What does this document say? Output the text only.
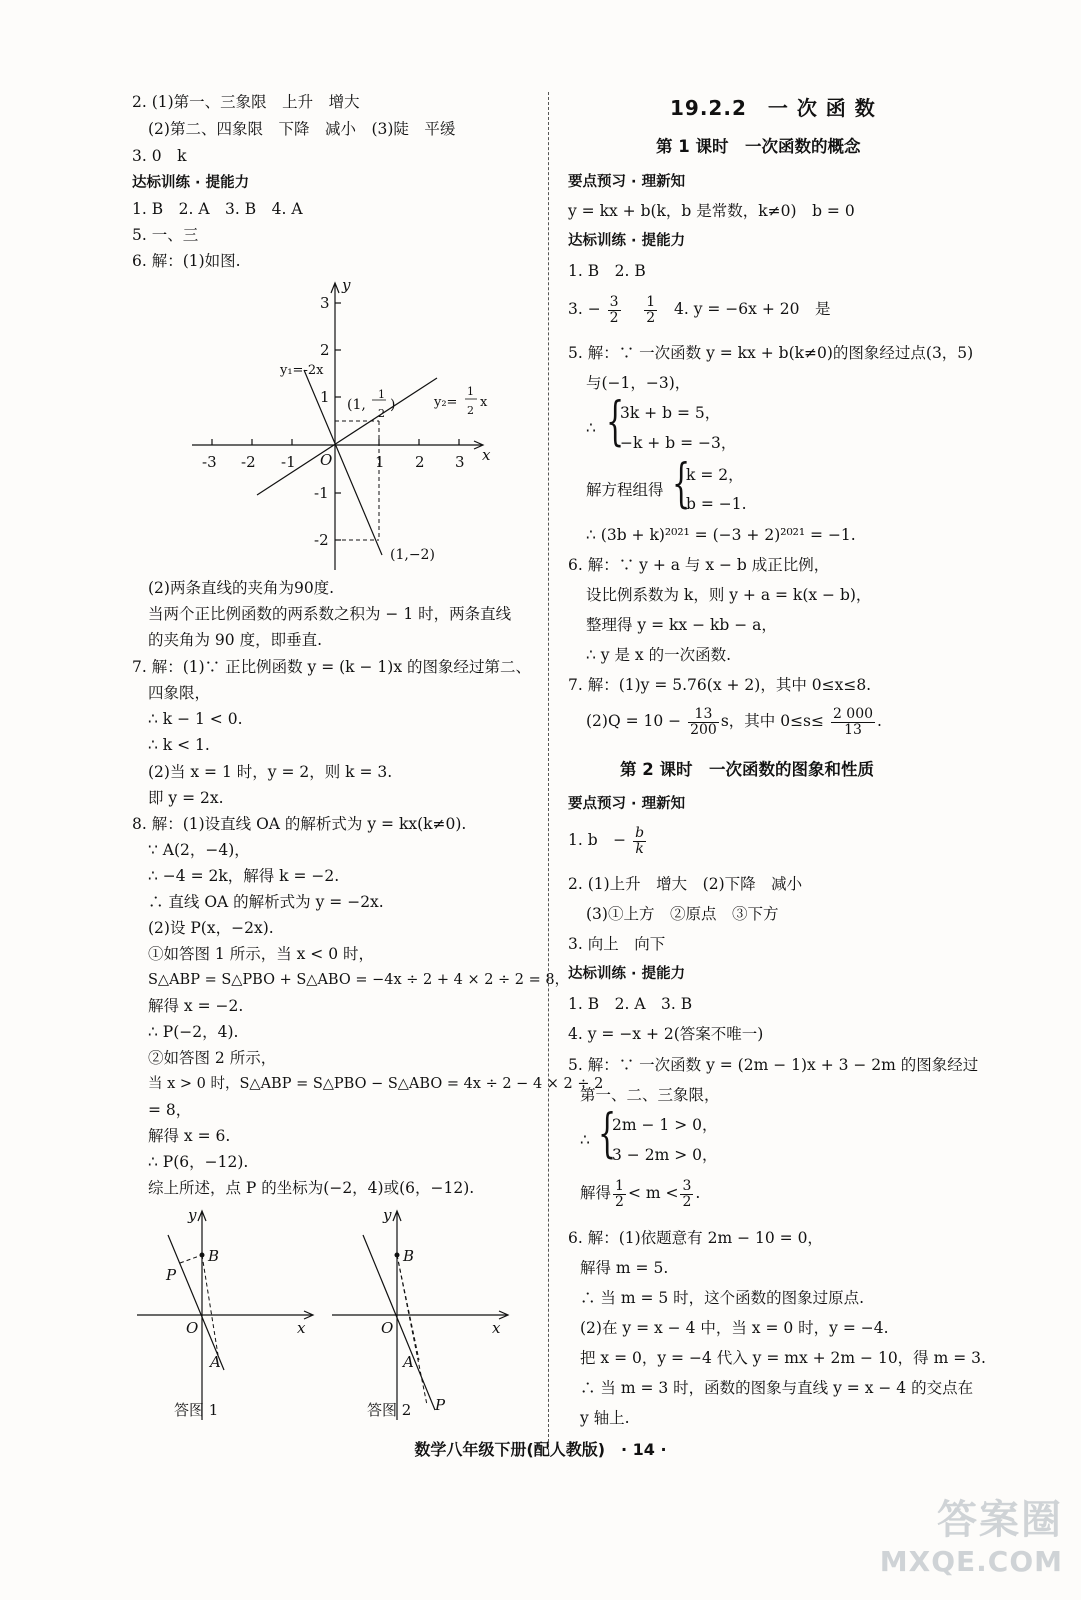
2. (1)第一、三象限　上升　增大
(2)第二、四象限　下降　减小　(3)陡　平缓
3. 0　k
达标训练 · 提能力
1. B　2. A　3. B　4. A
5. 一、三
6. 解：(1)如图.
y
x
O
-3 -2 -1	1 2 3
3
2
1
-1
-2
y₁=-2x
y₂=
1
2
x
(1,
1
2
)
(1,−2)
(2)两条直线的夹角为90度.
当两个正比例函数的两系数之积为 − 1 时，两条直线
的夹角为 90 度，即垂直.
7. 解：(1)∵ 正比例函数 y = (k − 1)x 的图象经过第二、
四象限，
∴ k − 1 < 0.
∴ k < 1.
(2)当 x = 1 时，y = 2，则 k = 3.
即 y = 2x.
8. 解：(1)设直线 OA 的解析式为 y = kx(k≠0).
∵ A(2，−4)，
∴ −4 = 2k，解得 k = −2.
∴ 直线 OA 的解析式为 y = −2x.
(2)设 P(x，−2x).
①如答图 1 所示，当 x < 0 时，
S△ABP = S△PBO + S△ABO = −4x ÷ 2 + 4 × 2 ÷ 2 = 8，
解得 x = −2.
∴ P(−2，4).
②如答图 2 所示，
当 x > 0 时，S△ABP = S△PBO − S△ABO = 4x ÷ 2 − 4 × 2 ÷ 2
= 8，
解得 x = 6.
∴ P(6，−12).
综上所述，点 P 的坐标为(−2，4)或(6，−12).
y
x
O
B
P
A
答图 1
y
x
O
B
P
A
答图 2
19.2.2　一 次 函 数
第 1 课时　一次函数的概念
要点预习 · 理新知
y = kx + b(k，b 是常数，k≠0)　b = 0
达标训练 · 提能力
1. B　2. B
3. − $\frac{3}{2}$
$\frac{1}{2} 4$. y = −6x + 20　是
5. 解：∵ 一次函数 y = kx + b(k≠0)的图象经过点(3，5)
与(−1，−3)，
∴ {
3k + b = 5，
−k + b = −3，
解方程组得 {
k = 2，
b = −1.
∴ (3b + k)²⁰²¹ = (−3 + 2)²⁰²¹ = −1.
6. 解：∵ y + a 与 x − b 成正比例，
设比例系数为 k，则 y + a = k(x − b)，
整理得 y = kx − kb − a，
∴ y 是 x 的一次函数.
7. 解：(1)y = 5.76(x + 2)，其中 0≤x≤8.
$(2)Q = 10 - \frac{13}{200}$ s，其中 $0\le s\le \frac{2 000}{13}$ .
第 2 课时　一次函数的图象和性质
要点预习 · 理新知
1. b　− $\frac{b}{k}$
2. (1)上升　增大　(2)下降　减小
(3)①上方　②原点　③下方
3. 向上　向下
达标训练 · 提能力
1. B　2. A　3. B
4. y = −x + 2(答案不唯一)
5. 解：∵ 一次函数 y = (2m − 1)x + 3 − 2m 的图象经过
第一、二、三象限，
∴ {
2m − 1 > 0，
3 − 2m > 0，
解得 $\frac{1}{2} < m < \frac{3}{2}$ .
6. 解：(1)依题意有 2m − 10 = 0，
解得 m = 5.
∴ 当 m = 5 时，这个函数的图象过原点.
(2)在 y = x − 4 中，当 x = 0 时，y = −4.
把 x = 0，y = −4 代入 y = mx + 2m − 10，得 m = 3.
∴ 当 m = 3 时，函数的图象与直线 y = x − 4 的交点在
y 轴上.
数学八年级下册(配人教版)　· 14 ·
答案圈
MXQE.COM
